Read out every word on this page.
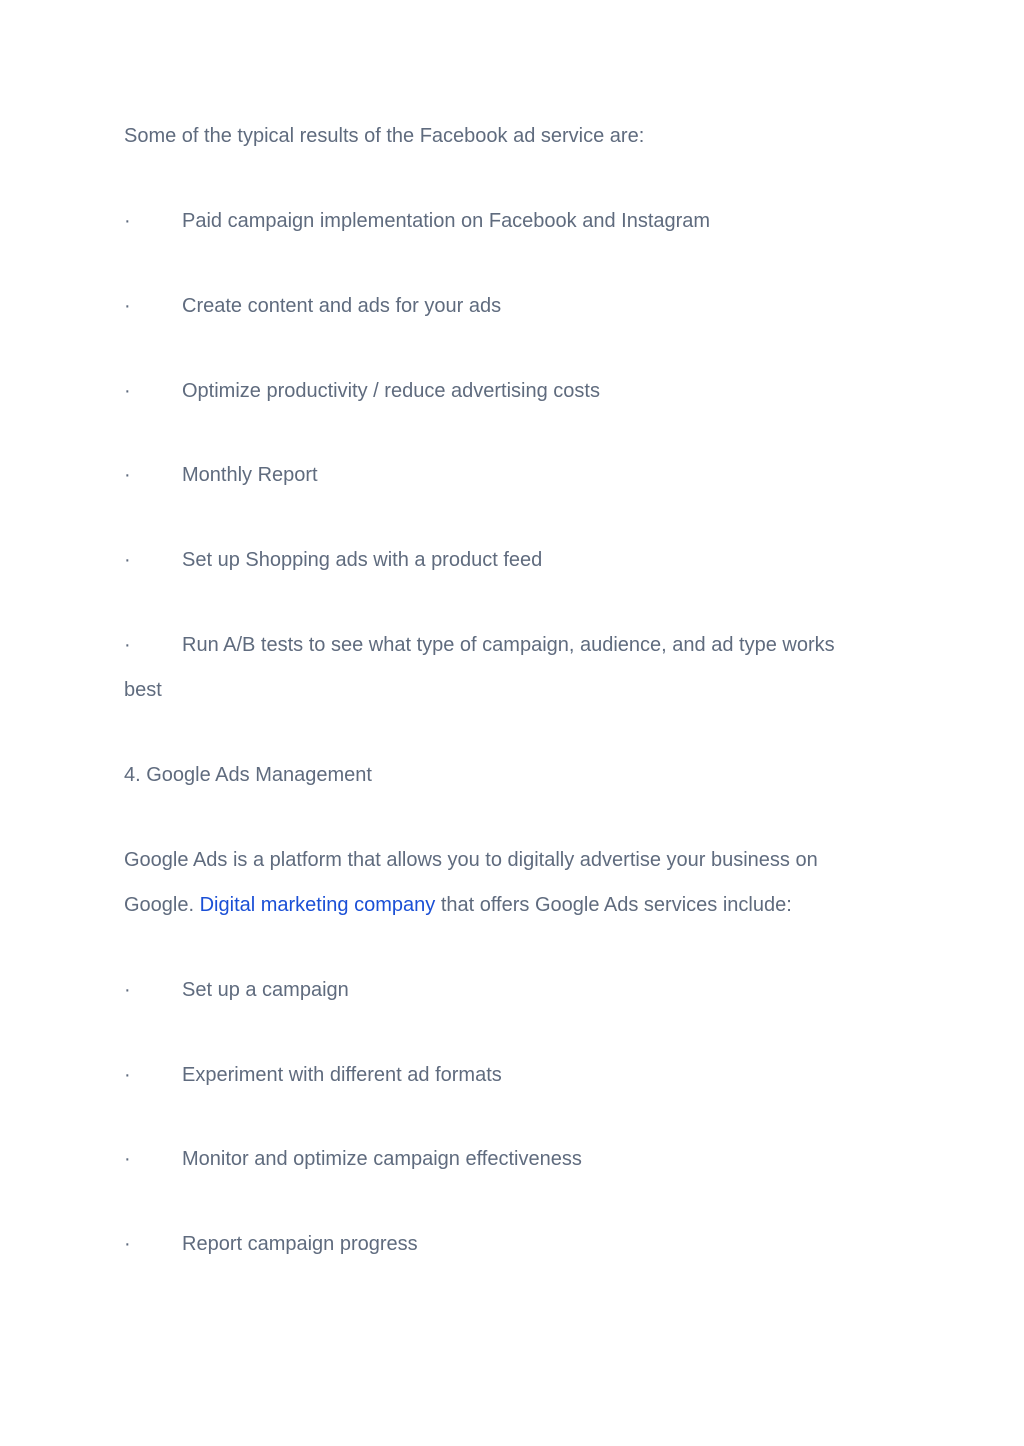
Some of the typical results of the Facebook ad service are:
·	Paid campaign implementation on Facebook and Instagram
·	Create content and ads for your ads
·	Optimize productivity / reduce advertising costs
·	Monthly Report
·	Set up Shopping ads with a product feed
·	Run A/B tests to see what type of campaign, audience, and ad type works
best
4. Google Ads Management
Google Ads is a platform that allows you to digitally advertise your business on
Google. Digital marketing company that offers Google Ads services include:
·	Set up a campaign
·	Experiment with different ad formats
·	Monitor and optimize campaign effectiveness
·	Report campaign progress
